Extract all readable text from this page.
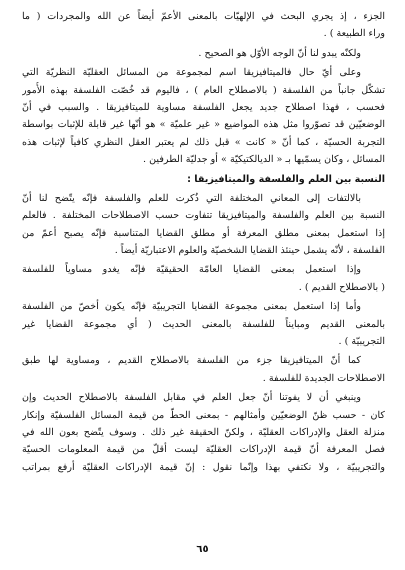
الجزء ، إذ يجري البحث في الإلهيّات بالمعنى الأعمّ أيضاً عن الله والمجردات ( ما
وراء الطبيعة ) .
ولكنّه يبدو لنا أنّ الوجه الأوّل هو الصحيح .
وعلى أيّ حال فالميتافيزيقا اسم لمجموعة من المسائل العقليّة النظريّة التي
تشكّل جانباً من الفلسفة ( بالاصطلاح العام ) ، فاليوم قد خُصّت الفلسفة بهذه الأُمور
فحسب ، فهذا اصطلاح جديد يجعل الفلسفة مساوية للميتافيزيقا . والسبب في أنّ
الوضعيّين قد تصوّروا مثل هذه المواضيع « غير علميّة » هو أنّها غير قابلة للإثبات بواسطة
التجربة الحسيّة ، كما أنّ « كانت » قبل ذلك لم يعتبر العقل النظري كافياً لإثبات هذه
المسائل ، وكان يسمّيها بـ « الديالكتيكيّة » أو جدليّة الطرفين .
النسبة بين العلم والفلسفة والميتافيزيقا :
بالالتفات إلى المعاني المختلفة التي ذُكرت للعلم والفلسفة فإنّه يتّضح لنا أنّ
النسبة بين العلم والفلسفة والميتافيزيقا تتفاوت حسب الاصطلاحات المختلفة . فالعلم
إذا استعمل بمعنى مطلق المعرفة أو مطلق القضايا المتناسبة فإنّه يصبح أعمّ من
الفلسفة ، لأنّه يشمل حينئذ القضايا الشخصيّة والعلوم الاعتباريّة أيضاً .
وإذا استعمل بمعنى القضايا العامّة الحقيقيّة فإنّه يغدو مساوياً للفلسفة
( بالاصطلاح القديم ) .
وأما إذا استعمل بمعنى مجموعة القضايا التجريبيّة فإنّه يكون أخصّ من الفلسفة
بالمعنى القديم ومبايناً للفلسفة بالمعنى الحديث ( أي مجموعة القضايا غير
التجريبيّة ) .
كما أنّ الميتافيزيقا جزء من الفلسفة بالاصطلاح القديم ، ومساوية لها طبق
الاصطلاحات الجديدة للفلسفة .
وينبغي أن لا يفوتنا أنّ جعل العلم في مقابل الفلسفة بالاصطلاح الحديث وإن
كان - حسب ظنّ الوضعيّين وأمثالهم - بمعنى الحطّ من قيمة المسائل الفلسفيّة وإنكار
منزلة العقل والإدراكات العقليّة ، ولكنّ الحقيقة غير ذلك . وسوف يتّضح بعون الله في
فصل المعرفة أنّ قيمة الإدراكات العقليّة ليست أقلّ من قيمة المعلومات الحسيّة
والتجريبيّة ، ولا نكتفي بهذا وإنّما نقول : إنّ قيمة الإدراكات العقليّة أرفع بمراتب
٦٥
